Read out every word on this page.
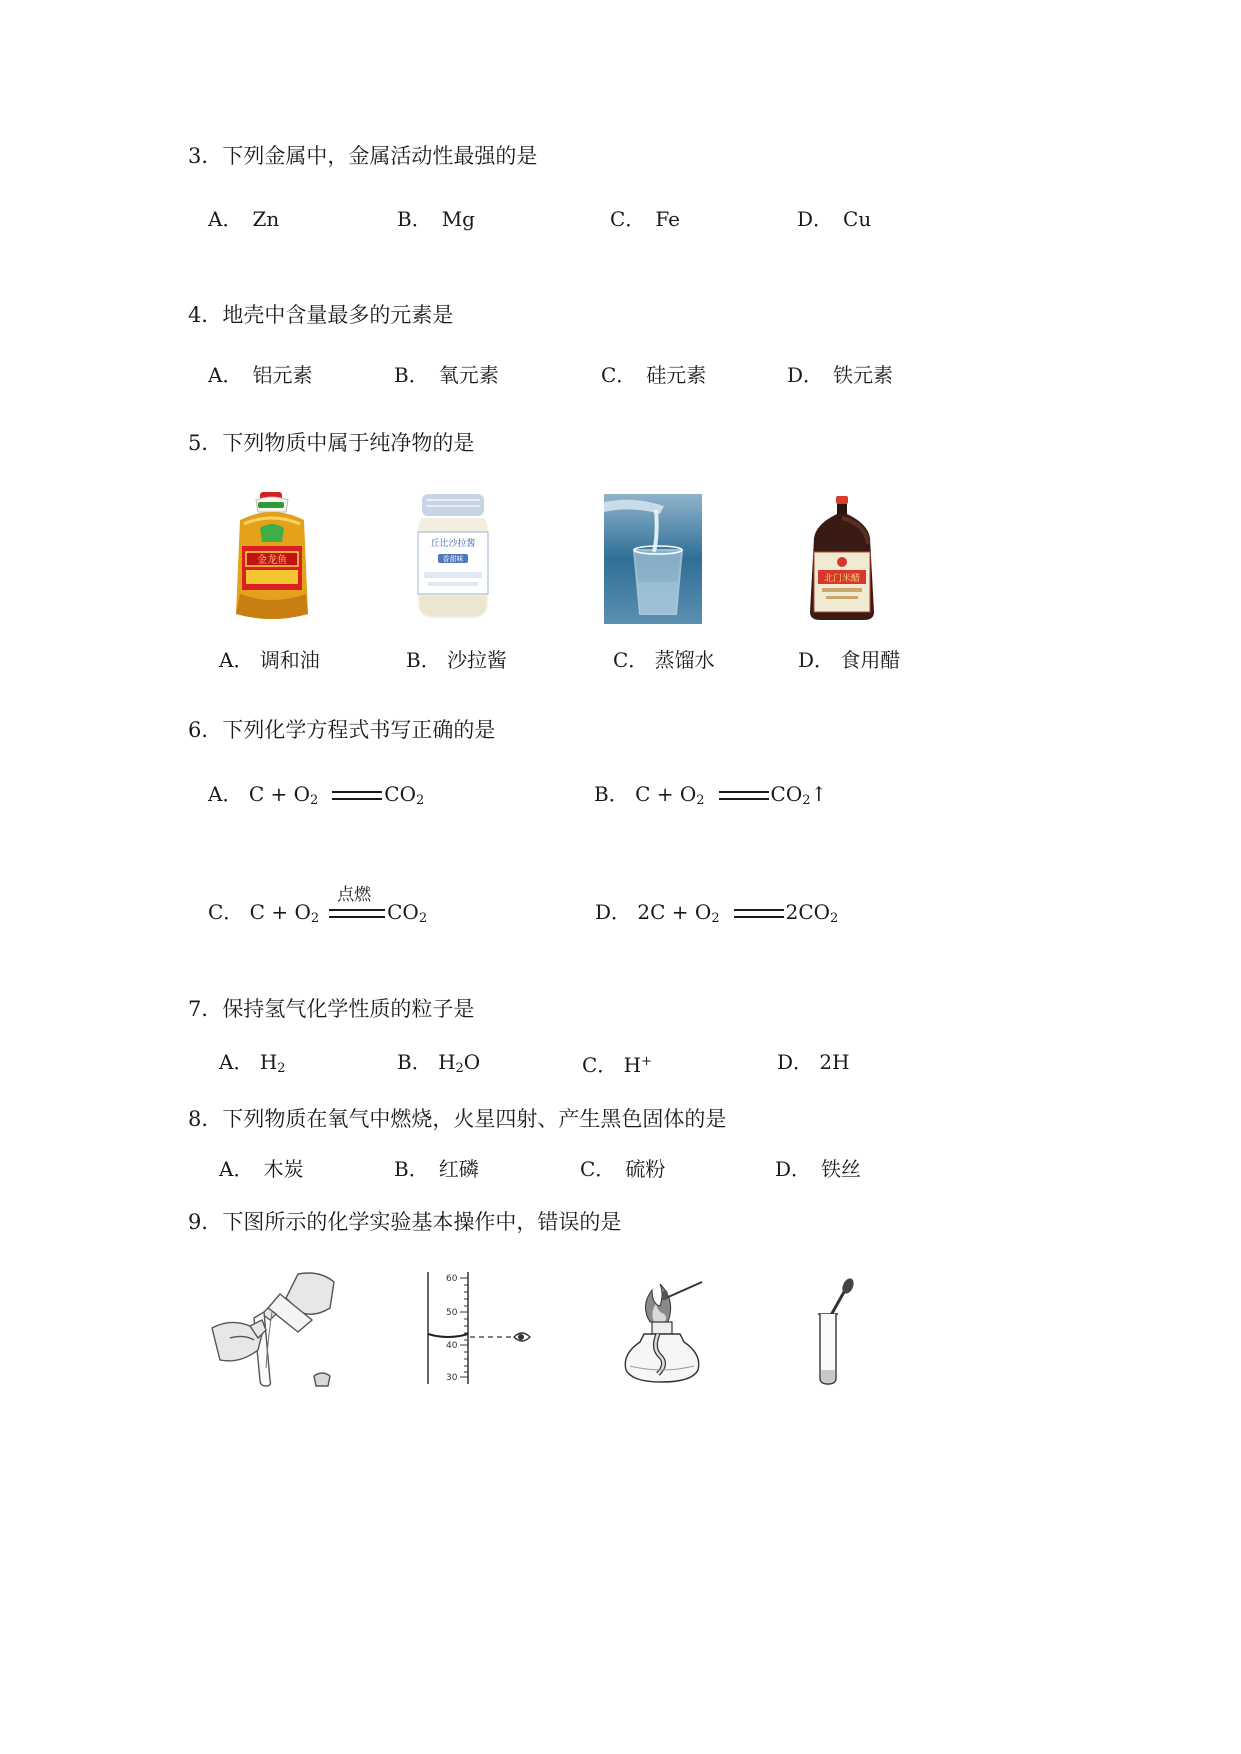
3．下列金属中，金属活动性最强的是
A． Zn	B． Mg	C． Fe	D． Cu
4．地壳中含量最多的元素是
A． 铝元素	B． 氧元素	C． 硅元素	D． 铁元素
5．下列物质中属于纯净物的是
金龙鱼
丘比沙拉酱
香甜味
北门米醋
A． 调和油	B． 沙拉酱	C． 蒸馏水	D． 食用醋
6．下列化学方程式书写正确的是
A． $C + O_2$	$CO_2$	B． $C + O_2$	$CO_2↑$
C． $C + O_2$
点燃
$CO_2$	D． $2C + O_2$	$2CO_2$
7．保持氢气化学性质的粒子是
A． $H_2$	B． $H_2O$	C． H+	D． 2H
8．下列物质在氧气中燃烧，火星四射、产生黑色固体的是
A． 木炭	B． 红磷	C． 硫粉	D． 铁丝
9．下图所示的化学实验基本操作中，错误的是
60
50
40
30
